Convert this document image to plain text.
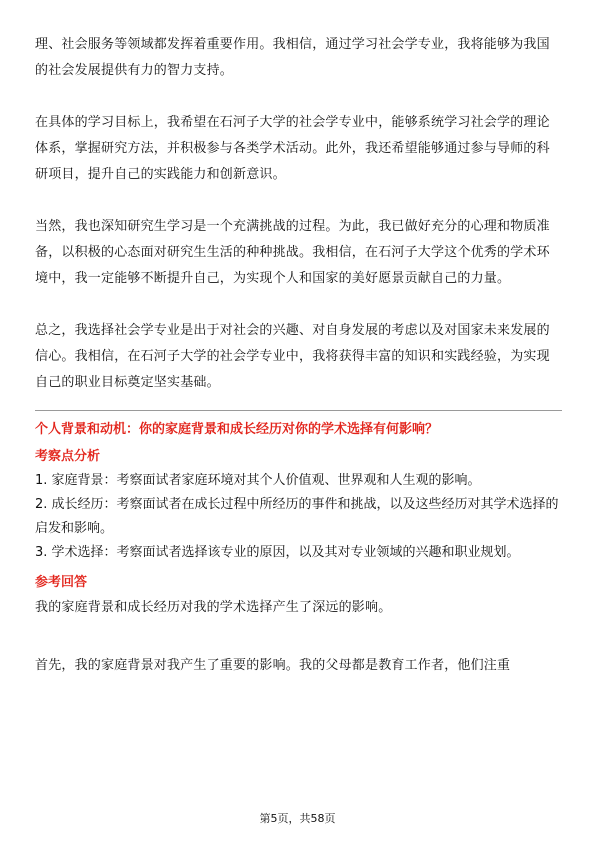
理、社会服务等领域都发挥着重要作用。我相信，通过学习社会学专业，我将能够为我国的社会发展提供有力的智力支持。

在具体的学习目标上，我希望在石河子大学的社会学专业中，能够系统学习社会学的理论体系，掌握研究方法，并积极参与各类学术活动。此外，我还希望能够通过参与导师的科研项目，提升自己的实践能力和创新意识。

当然，我也深知研究生学习是一个充满挑战的过程。为此，我已做好充分的心理和物质准备，以积极的心态面对研究生生活的种种挑战。我相信，在石河子大学这个优秀的学术环境中，我一定能够不断提升自己，为实现个人和国家的美好愿景贡献自己的力量。

总之，我选择社会学专业是出于对社会的兴趣、对自身发展的考虑以及对国家未来发展的信心。我相信，在石河子大学的社会学专业中，我将获得丰富的知识和实践经验，为实现自己的职业目标奠定坚实基础。

个人背景和动机：你的家庭背景和成长经历对你的学术选择有何影响？
考察点分析
1. 家庭背景：考察面试者家庭环境对其个人价值观、世界观和人生观的影响。
2. 成长经历：考察面试者在成长过程中所经历的事件和挑战，以及这些经历对其学术选择的启发和影响。
3. 学术选择：考察面试者选择该专业的原因，以及其对专业领域的兴趣和职业规划。
参考回答

我的家庭背景和成长经历对我的学术选择产生了深远的影响。

首先，我的家庭背景对我产生了重要的影响。我的父母都是教育工作者，他们注重

第5页，共58页
